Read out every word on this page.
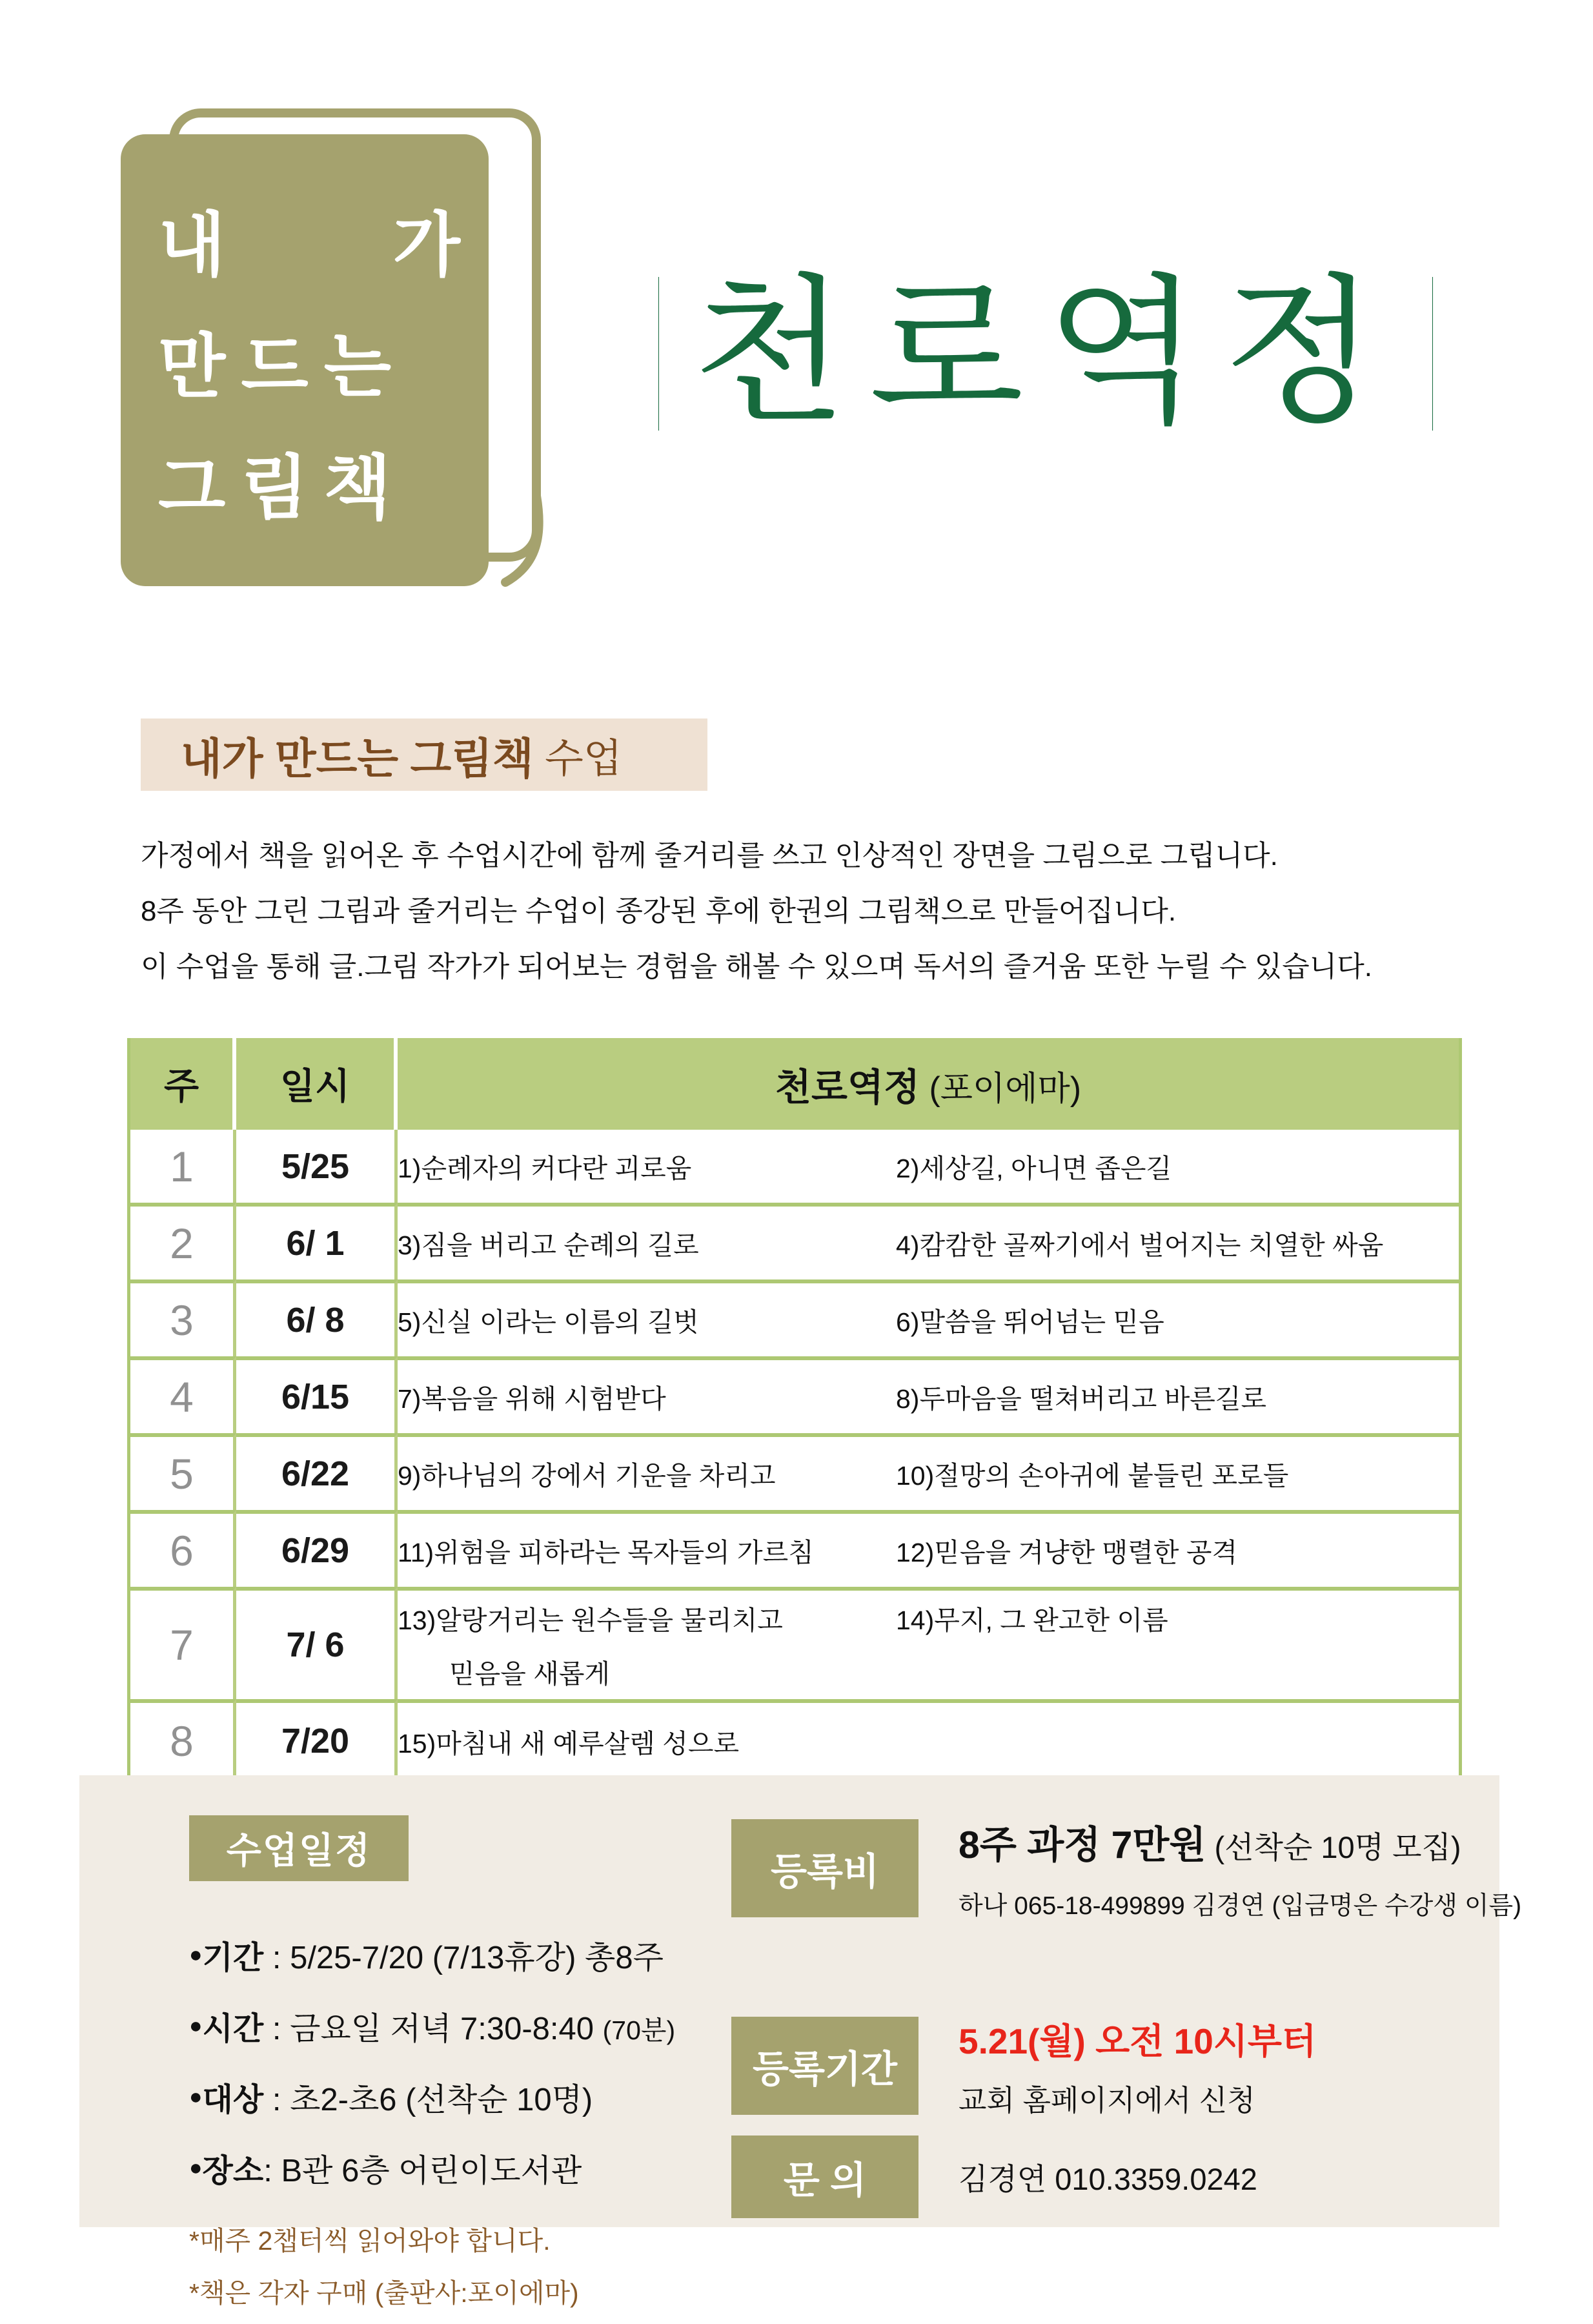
내 가
만드는
그림책
천로역정
내가 만드는 그림책 수업
가정에서 책을 읽어온 후 수업시간에 함께 줄거리를 쓰고 인상적인 장면을 그림으로 그립니다.
8주 동안 그린 그림과 줄거리는 수업이 종강된 후에 한권의 그림책으로 만들어집니다.
이 수업을 통해 글.그림 작가가 되어보는 경험을 해볼 수 있으며 독서의 즐거움 또한 누릴 수 있습니다.
주	일시	천로역정 (포이에마)
1	5/25	1)순례자의 커다란 괴로움 2)세상길, 아니면 좁은길

2	6/ 1	3)짐을 버리고 순례의 길로 4)캄캄한 골짜기에서 벌어지는 치열한 싸움

3	6/ 8	5)신실 이라는 이름의 길벗 6)말씀을 뛰어넘는 믿음

4	6/15	7)복음을 위해 시험받다 8)두마음을 떨쳐버리고 바른길로

5	6/22	9)하나님의 강에서 기운을 차리고 10)절망의 손아귀에 붙들린 포로들

6	6/29	11)위험을 피하라는 목자들의 가르침 12)믿음을 겨냥한 맹렬한 공격

7	7/ 6	13)알랑거리는 원수들을 물리치고
믿음을 새롭게
14)무지, 그 완고한 이름

8	7/20	15)마침내 새 예루살렘 성으로
수업일정
●기간 : 5/25-7/20 (7/13휴강) 총8주
●시간 : 금요일 저녁 7:30-8:40 (70분)
●대상 : 초2-초6 (선착순 10명)
●장소: B관 6층 어린이도서관
*매주 2챕터씩 읽어와야 합니다.
*책은 각자 구매 (출판사:포이에마)
등록비
8주 과정 7만원 (선착순 10명 모집)
하나 065-18-499899 김경연 (입금명은 수강생 이름)
등록기간
5.21(월) 오전 10시부터
교회 홈페이지에서 신청
문 의	김경연 010.3359.0242
